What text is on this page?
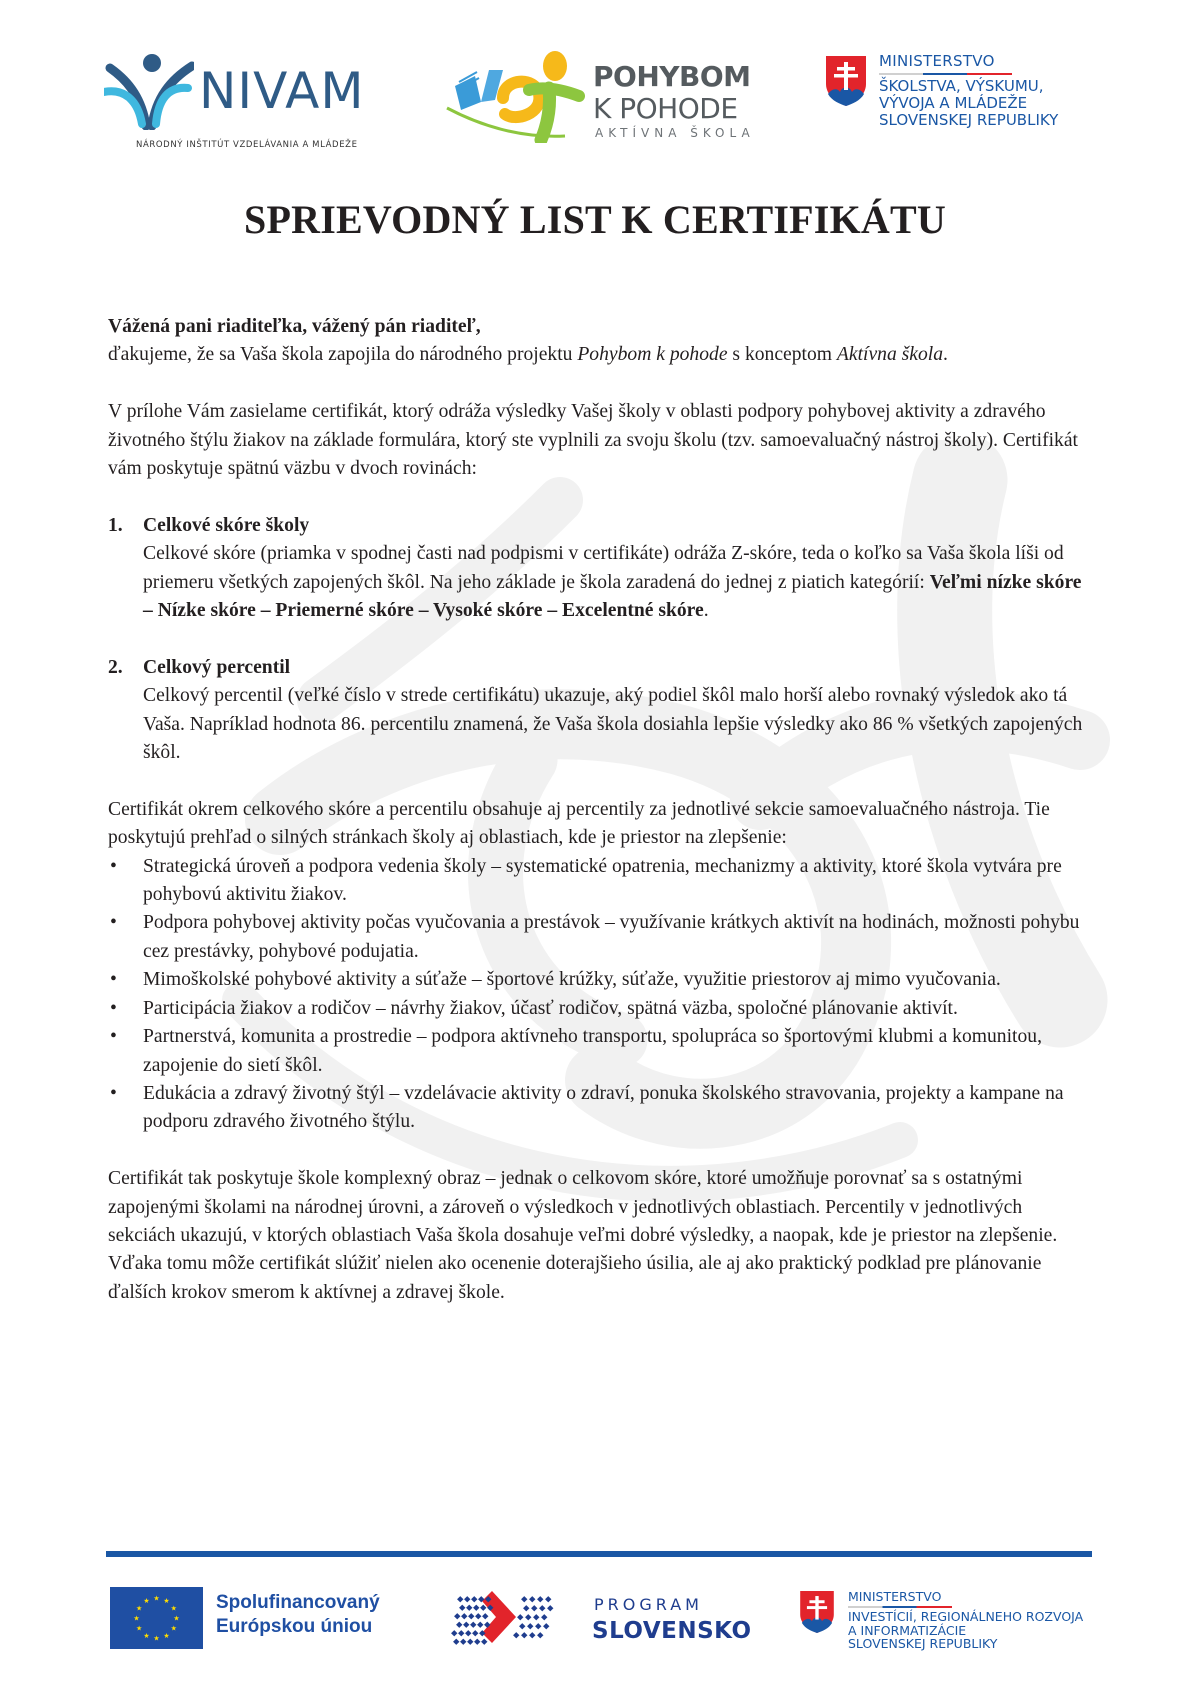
NIVAM
NÁRODNÝ INŠTITÚT VZDELÁVANIA A MLÁDEŽE
POHYBOM
K POHODE
AKTÍVNA ŠKOLA
MINISTERSTVO
ŠKOLSTVA, VÝSKUMU,
VÝVOJA A MLÁDEŽE
SLOVENSKEJ REPUBLIKY
SPRIEVODNÝ LIST K CERTIFIKÁTU

Vážená pani riaditeľka, vážený pán riaditeľ,

ďakujeme, že sa Vaša škola zapojila do národného projektu Pohybom k pohode s konceptom Aktívna škola.

V prílohe Vám zasielame certifikát, ktorý odráža výsledky Vašej školy v oblasti podpory pohybovej aktivity a zdravého životného štýlu žiakov na základe formulára, ktorý ste vyplnili za svoju školu (tzv. samoevaluačný nástroj školy). Certifikát vám poskytuje spätnú väzbu v dvoch rovinách:

1. Celkové skóre školy
Celkové skóre (priamka v spodnej časti nad podpismi v certifikáte) odráža Z-skóre, teda o koľko sa Vaša škola líši od priemeru všetkých zapojených škôl. Na jeho základe je škola zaradená do jednej z piatich kategórií: Veľmi nízke skóre – Nízke skóre – Priemerné skóre – Vysoké skóre – Excelentné skóre.
2. Celkový percentil
Celkový percentil (veľké číslo v strede certifikátu) ukazuje, aký podiel škôl malo horší alebo rovnaký výsledok ako tá Vaša. Napríklad hodnota 86. percentilu znamená, že Vaša škola dosiahla lepšie výsledky ako 86 % všetkých zapojených škôl.

Certifikát okrem celkového skóre a percentilu obsahuje aj percentily za jednotlivé sekcie samoevaluačného nástroja. Tie poskytujú prehľad o silných stránkach školy aj oblastiach, kde je priestor na zlepšenie:

• Strategická úroveň a podpora vedenia školy – systematické opatrenia, mechanizmy a aktivity, ktoré škola vytvára pre pohybovú aktivitu žiakov.
• Podpora pohybovej aktivity počas vyučovania a prestávok – využívanie krátkych aktivít na hodinách, možnosti pohybu cez prestávky, pohybové podujatia.
• Mimoškolské pohybové aktivity a súťaže – športové krúžky, súťaže, využitie priestorov aj mimo vyučovania.
• Participácia žiakov a rodičov – návrhy žiakov, účasť rodičov, spätná väzba, spoločné plánovanie aktivít.
• Partnerstvá, komunita a prostredie – podpora aktívneho transportu, spolupráca so športovými klubmi a komunitou, zapojenie do sietí škôl.
• Edukácia a zdravý životný štýl – vzdelávacie aktivity o zdraví, ponuka školského stravovania, projekty a kampane na podporu zdravého životného štýlu.

Certifikát tak poskytuje škole komplexný obraz – jednak o celkovom skóre, ktoré umožňuje porovnať sa s ostatnými zapojenými školami na národnej úrovni, a zároveň o výsledkoch v jednotlivých oblastiach. Percentily v jednotlivých sekciách ukazujú, v ktorých oblastiach Vaša škola dosahuje veľmi dobré výsledky, a naopak, kde je priestor na zlepšenie. Vďaka tomu môže certifikát slúžiť nielen ako ocenenie doterajšieho úsilia, ale aj ako praktický podklad pre plánovanie ďalších krokov smerom k aktívnej a zdravej škole.

★ ★
★
★
★
★
★
★
★
★
★
★	Spolufinancovaný
Európskou úniou
PROGRAM
SLOVENSKO
MINISTERSTVO
INVESTÍCIÍ, REGIONÁLNEHO ROZVOJA
A INFORMATIZÁCIE
SLOVENSKEJ REPUBLIKY
